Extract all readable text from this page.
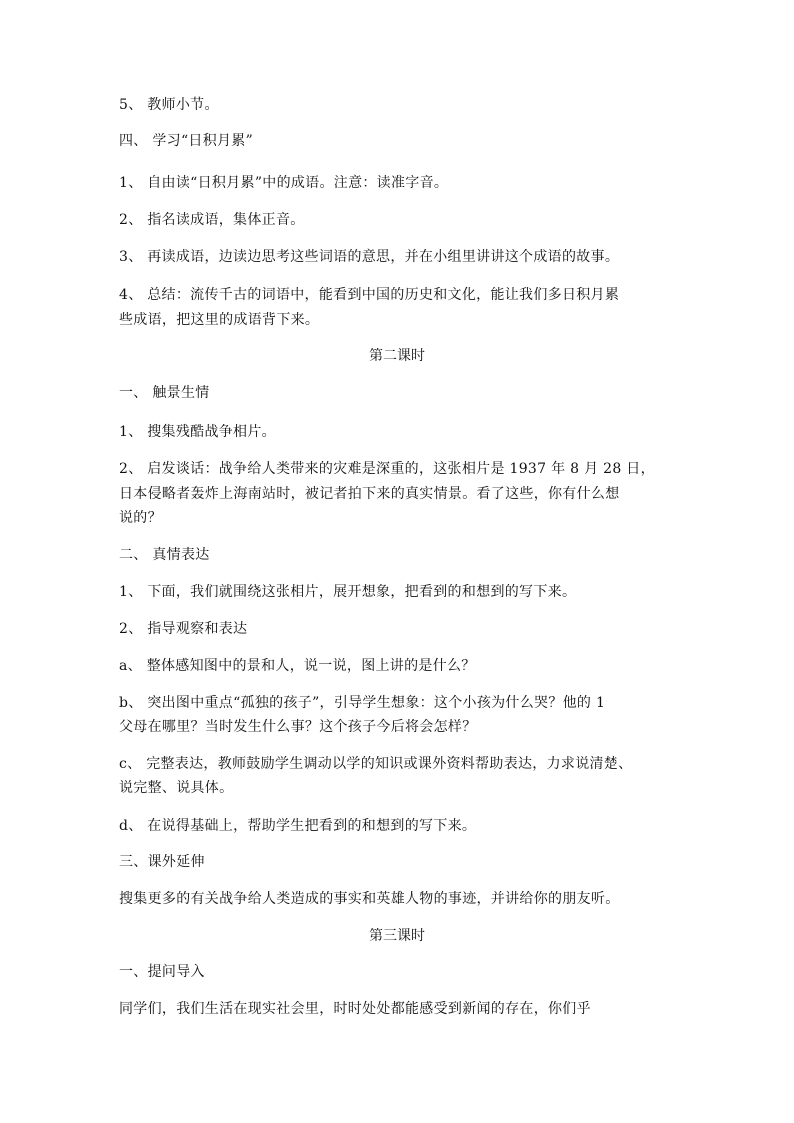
5、 教师小节。
四、 学习“日积月累”
1、 自由读“日积月累”中的成语。注意：读准字音。
2、 指名读成语，集体正音。
3、 再读成语，边读边思考这些词语的意思，并在小组里讲讲这个成语的故事。
4、 总结：流传千古的词语中，能看到中国的历史和文化，能让我们多日积月累
些成语，把这里的成语背下来。
第二课时
一、 触景生情
1、 搜集残酷战争相片。
2、 启发谈话：战争给人类带来的灾难是深重的，这张相片是 1937 年 8 月 28 日，
日本侵略者轰炸上海南站时，被记者拍下来的真实情景。看了这些，你有什么想
说的？
二、 真情表达
1、 下面，我们就围绕这张相片，展开想象，把看到的和想到的写下来。
2、 指导观察和表达
a、 整体感知图中的景和人，说一说，图上讲的是什么？
b、 突出图中重点“孤独的孩子”，引导学生想象：这个小孩为什么哭？他的 1
父母在哪里？当时发生什么事？这个孩子今后将会怎样？
c、 完整表达，教师鼓励学生调动以学的知识或课外资料帮助表达，力求说清楚、
说完整、说具体。
d、 在说得基础上，帮助学生把看到的和想到的写下来。
三、课外延伸
搜集更多的有关战争给人类造成的事实和英雄人物的事迹，并讲给你的朋友听。
第三课时
一、提问导入
同学们，我们生活在现实社会里，时时处处都能感受到新闻的存在，你们乎
